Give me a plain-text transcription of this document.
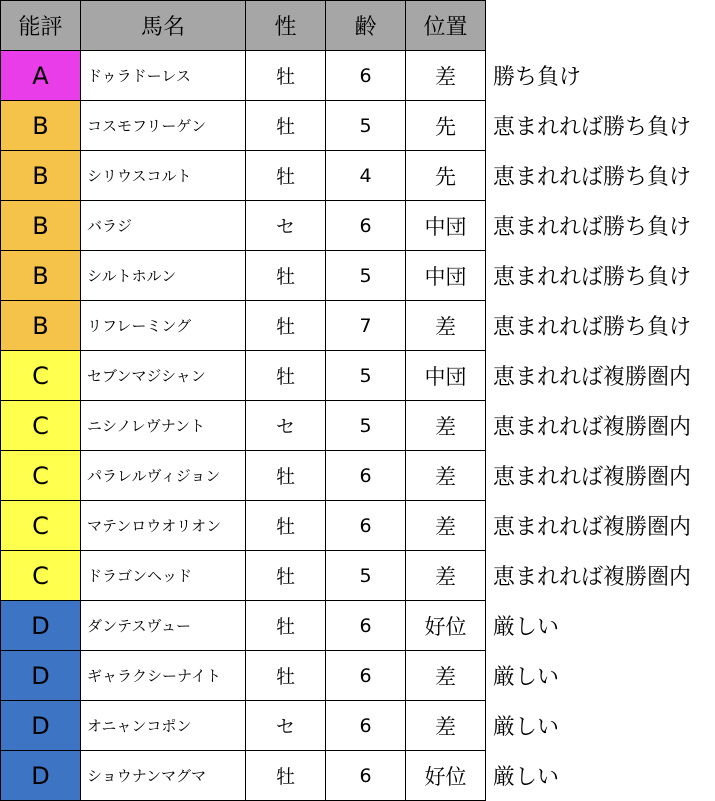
能評	馬名	性	齢	位置	
A	ドゥラドーレス	牡	6	差	勝ち負け
B	コスモフリーゲン	牡	5	先	恵まれれば勝ち負け
B	シリウスコルト	牡	4	先	恵まれれば勝ち負け
B	バラジ	セ	6	中団	恵まれれば勝ち負け
B	シルトホルン	牡	5	中団	恵まれれば勝ち負け
B	リフレーミング	牡	7	差	恵まれれば勝ち負け
C	セブンマジシャン	牡	5	中団	恵まれれば複勝圏内
C	ニシノレヴナント	セ	5	差	恵まれれば複勝圏内
C	パラレルヴィジョン	牡	6	差	恵まれれば複勝圏内
C	マテンロウオリオン	牡	6	差	恵まれれば複勝圏内
C	ドラゴンヘッド	牡	5	差	恵まれれば複勝圏内
D	ダンテスヴュー	牡	6	好位	厳しい
D	ギャラクシーナイト	牡	6	差	厳しい
D	オニャンコポン	セ	6	差	厳しい
D	ショウナンマグマ	牡	6	好位	厳しい
